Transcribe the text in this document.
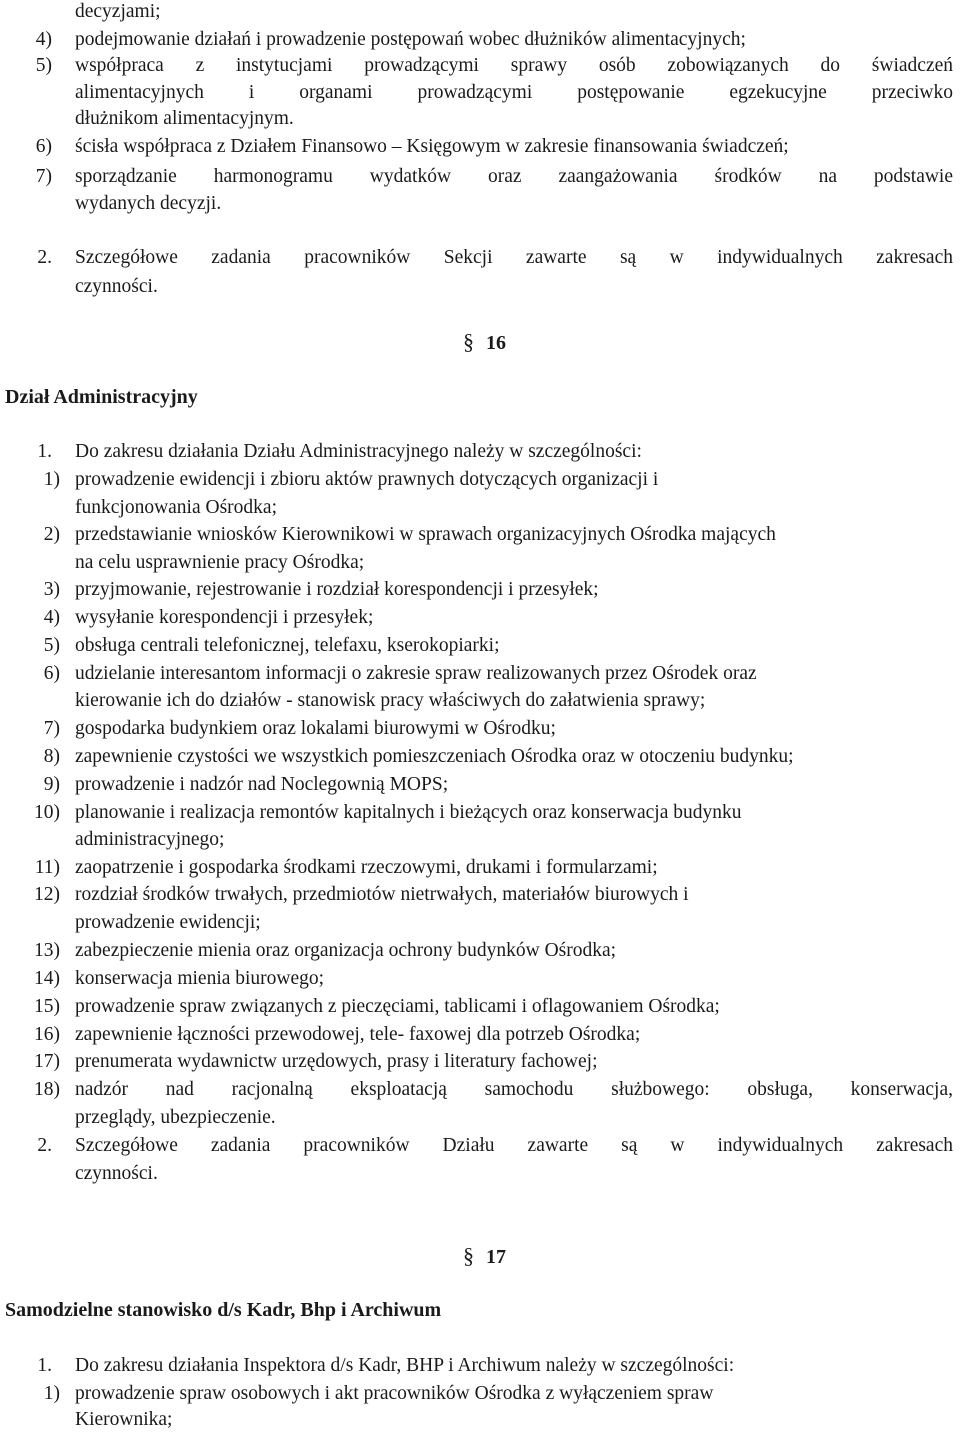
decyzjami;
4) podejmowanie działań i prowadzenie postępowań wobec dłużników alimentacyjnych;
5) współpraca z instytucjami prowadzącymi sprawy osób zobowiązanych do świadczeń
alimentacyjnych i organami prowadzącymi postępowanie egzekucyjne przeciwko
dłużnikom alimentacyjnym.
6) ścisła współpraca z Działem Finansowo – Księgowym w zakresie finansowania świadczeń;
7) sporządzanie harmonogramu wydatków oraz zaangażowania środków na podstawie
wydanych decyzji.
2. Szczegółowe zadania pracowników Sekcji zawarte są w indywidualnych zakresach
czynności.
§ 16
Dział Administracyjny
1. Do zakresu działania Działu Administracyjnego należy w szczególności:
1) prowadzenie ewidencji i zbioru aktów prawnych dotyczących organizacji i
funkcjonowania Ośrodka;
2) przedstawianie wniosków Kierownikowi w sprawach organizacyjnych Ośrodka mających
na celu usprawnienie pracy Ośrodka;
3) przyjmowanie, rejestrowanie i rozdział korespondencji i przesyłek;
4) wysyłanie korespondencji i przesyłek;
5) obsługa centrali telefonicznej, telefaxu, kserokopiarki;
6) udzielanie interesantom informacji o zakresie spraw realizowanych przez Ośrodek oraz
kierowanie ich do działów - stanowisk pracy właściwych do załatwienia sprawy;
7) gospodarka budynkiem oraz lokalami biurowymi w Ośrodku;
8) zapewnienie czystości we wszystkich pomieszczeniach Ośrodka oraz w otoczeniu budynku;
9) prowadzenie i nadzór nad Noclegownią MOPS;
10) planowanie i realizacja remontów kapitalnych i bieżących oraz konserwacja budynku
administracyjnego;
11) zaopatrzenie i gospodarka środkami rzeczowymi, drukami i formularzami;
12) rozdział środków trwałych, przedmiotów nietrwałych, materiałów biurowych i
prowadzenie ewidencji;
13) zabezpieczenie mienia oraz organizacja ochrony budynków Ośrodka;
14) konserwacja mienia biurowego;
15) prowadzenie spraw związanych z pieczęciami, tablicami i oflagowaniem Ośrodka;
16) zapewnienie łączności przewodowej, tele- faxowej dla potrzeb Ośrodka;
17) prenumerata wydawnictw urzędowych, prasy i literatury fachowej;
18) nadzór nad racjonalną eksploatacją samochodu służbowego: obsługa, konserwacja,
przeglądy, ubezpieczenie.
2. Szczegółowe zadania pracowników Działu zawarte są w indywidualnych zakresach
czynności.
§ 17
Samodzielne stanowisko d/s Kadr, Bhp i Archiwum
1. Do zakresu działania Inspektora d/s Kadr, BHP i Archiwum należy w szczególności:
1) prowadzenie spraw osobowych i akt pracowników Ośrodka z wyłączeniem spraw
Kierownika;
